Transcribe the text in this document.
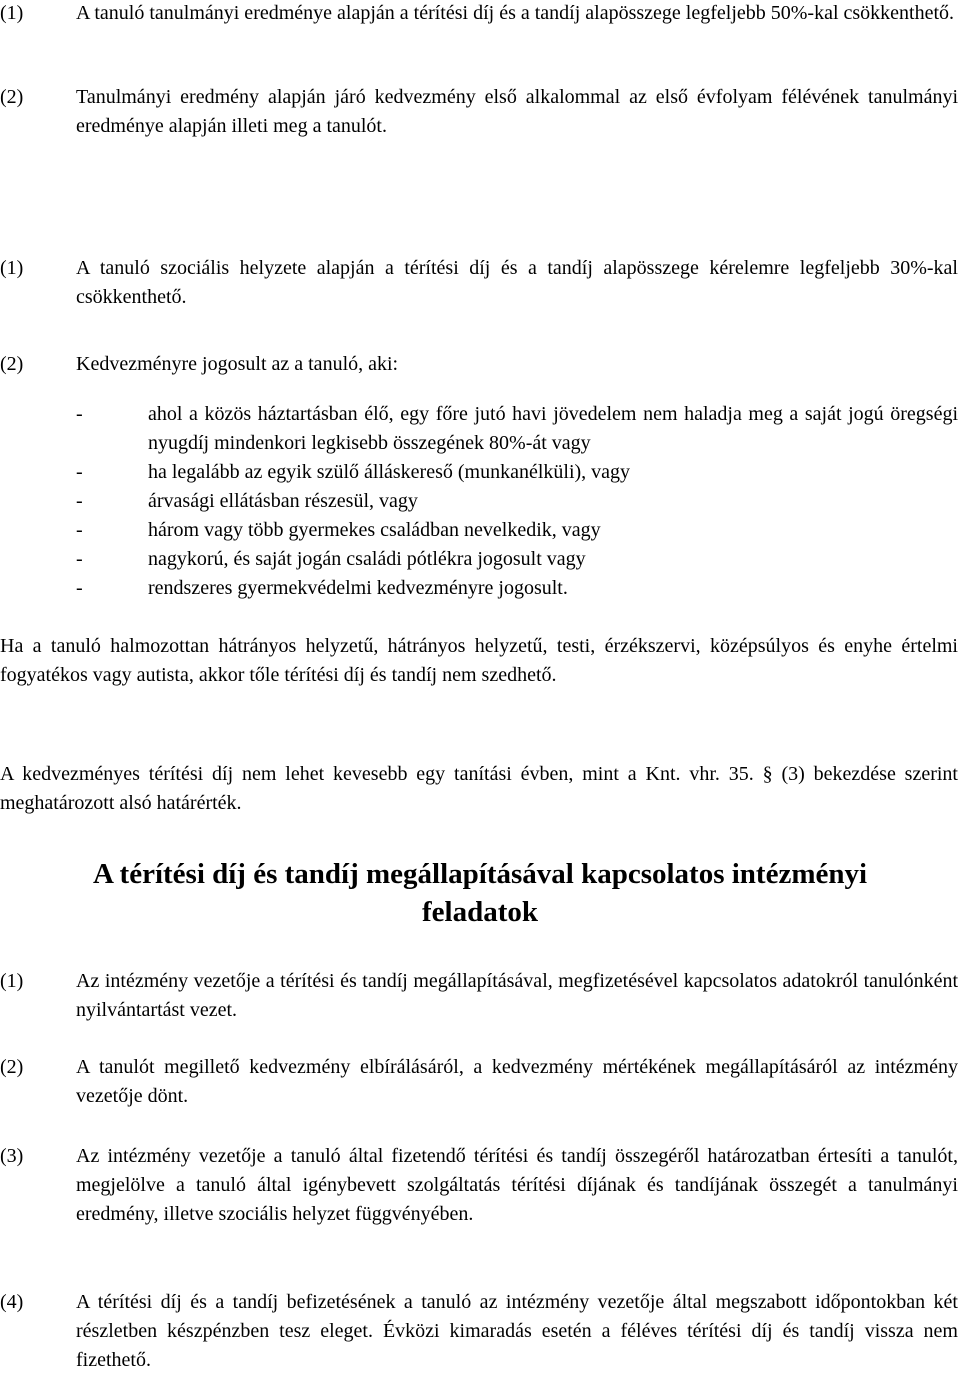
(1)	A tanuló tanulmányi eredménye alapján a térítési díj és a tandíj alapösszege legfeljebb 50%-kal csökkenthető.
(2)	Tanulmányi eredmény alapján járó kedvezmény első alkalommal az első évfolyam félévének tanulmányi eredménye alapján illeti meg a tanulót.
(1)	A tanuló szociális helyzete alapján a térítési díj és a tandíj alapösszege kérelemre legfeljebb 30%-kal csökkenthető.
(2)	Kedvezményre jogosult az a tanuló, aki:
-	ahol a közös háztartásban élő, egy főre jutó havi jövedelem nem haladja meg a saját jogú öregségi nyugdíj mindenkori legkisebb összegének 80%-át vagy
-	ha legalább az egyik szülő álláskereső (munkanélküli), vagy
-	árvasági ellátásban részesül, vagy
-	három vagy több gyermekes családban nevelkedik, vagy
-	nagykorú, és saját jogán családi pótlékra jogosult vagy
-	rendszeres gyermekvédelmi kedvezményre jogosult.
Ha a tanuló halmozottan hátrányos helyzetű, hátrányos helyzetű, testi, érzékszervi, középsúlyos és enyhe értelmi fogyatékos vagy autista, akkor tőle térítési díj és tandíj nem szedhető.
A kedvezményes térítési díj nem lehet kevesebb egy tanítási évben, mint a Knt. vhr. 35. § (3) bekezdése szerint meghatározott alsó határérték.
A térítési díj és tandíj megállapításával kapcsolatos intézményi
feladatok
(1)	Az intézmény vezetője a térítési és tandíj megállapításával, megfizetésével kapcsolatos adatokról tanulónként nyilvántartást vezet.
(2)	A tanulót megillető kedvezmény elbírálásáról, a kedvezmény mértékének megállapításáról az intézmény vezetője dönt.
(3)	Az intézmény vezetője a tanuló által fizetendő térítési és tandíj összegéről határozatban értesíti a tanulót, megjelölve a tanuló által igénybevett szolgáltatás térítési díjának és tandíjának összegét a tanulmányi eredmény, illetve szociális helyzet függvényében.
(4)	A térítési díj és a tandíj befizetésének a tanuló az intézmény vezetője által megszabott időpontokban két részletben készpénzben tesz eleget. Évközi kimaradás esetén a féléves térítési díj és tandíj vissza nem fizethető.
